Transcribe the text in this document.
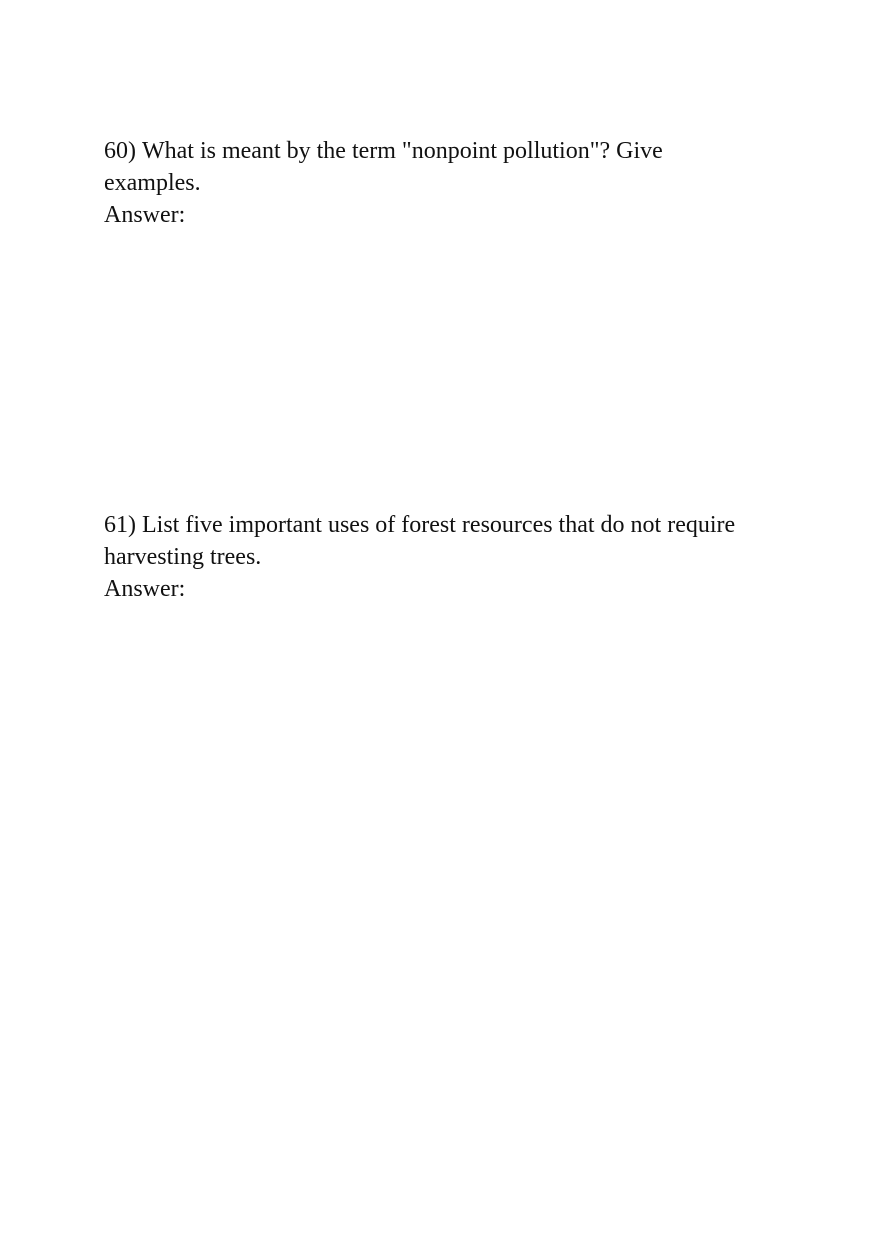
60) What is meant by the term "nonpoint pollution"? Give examples.

Answer:

61) List five important uses of forest resources that do not require harvesting trees.

Answer:
